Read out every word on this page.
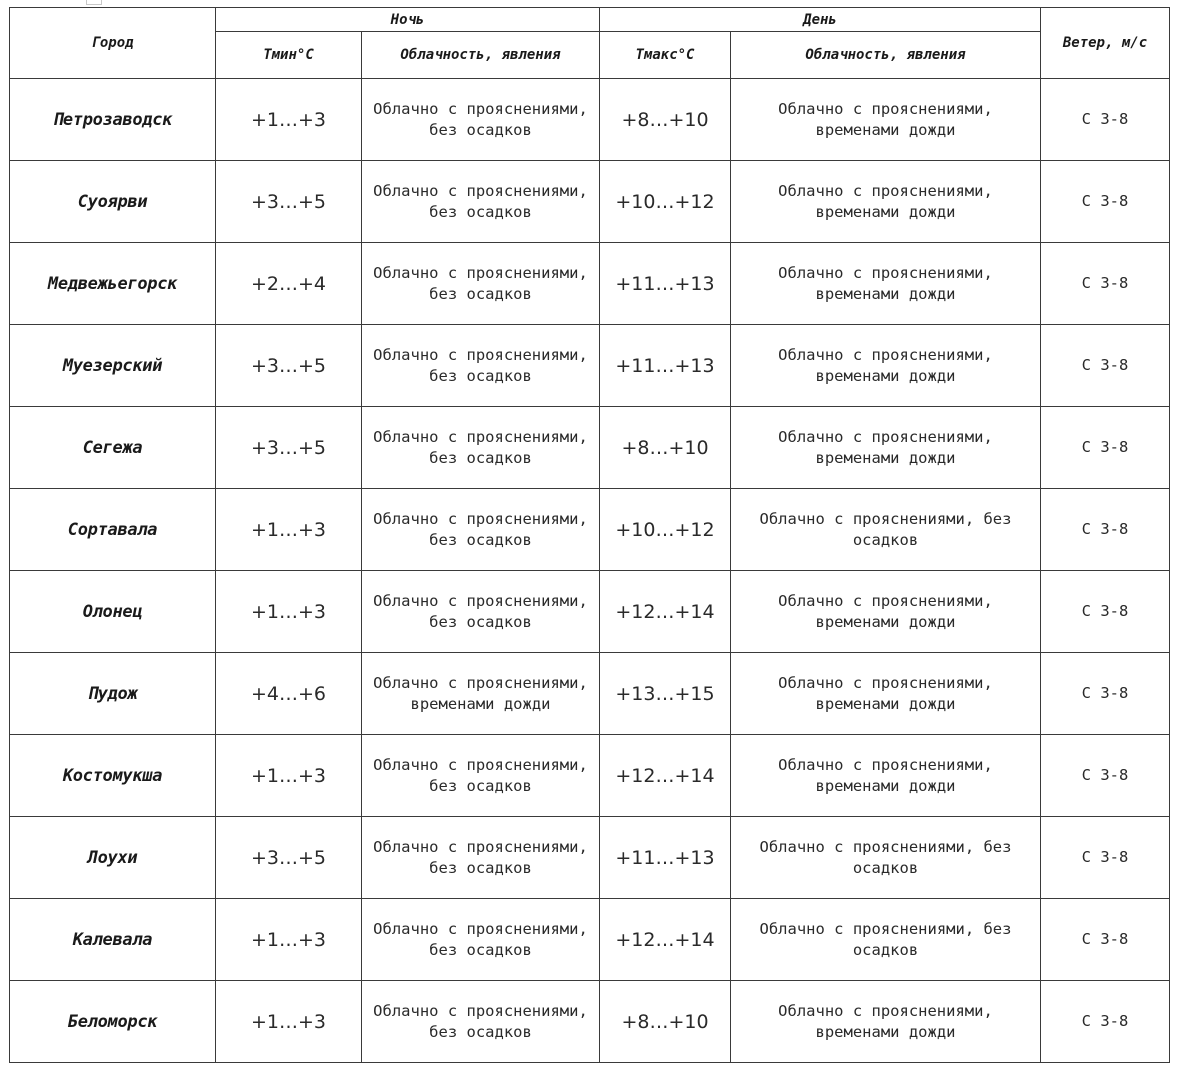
Город	Ночь		День		Ветер, м/с
	Tмин°C	Облачность, явления	Tмакс°C	Облачность, явления	
Петрозаводск	+1…+3	Облачно с прояснениями, без осадков	+8…+10	Облачно с прояснениями, временами дожди	С 3-8
Суоярви	+3…+5	Облачно с прояснениями, без осадков	+10…+12	Облачно с прояснениями, временами дожди	С 3-8
Медвежьегорск	+2…+4	Облачно с прояснениями, без осадков	+11…+13	Облачно с прояснениями, временами дожди	С 3-8
Муезерский	+3…+5	Облачно с прояснениями, без осадков	+11…+13	Облачно с прояснениями, временами дожди	С 3-8
Сегежа	+3…+5	Облачно с прояснениями, без осадков	+8…+10	Облачно с прояснениями, временами дожди	С 3-8
Сортавала	+1…+3	Облачно с прояснениями, без осадков	+10…+12	Облачно с прояснениями, без осадков	С 3-8
Олонец	+1…+3	Облачно с прояснениями, без осадков	+12…+14	Облачно с прояснениями, временами дожди	С 3-8
Пудож	+4…+6	Облачно с прояснениями, временами дожди	+13…+15	Облачно с прояснениями, временами дожди	С 3-8
Костомукша	+1…+3	Облачно с прояснениями, без осадков	+12…+14	Облачно с прояснениями, временами дожди	С 3-8
Лоухи	+3…+5	Облачно с прояснениями, без осадков	+11…+13	Облачно с прояснениями, без осадков	С 3-8
Калевала	+1…+3	Облачно с прояснениями, без осадков	+12…+14	Облачно с прояснениями, без осадков	С 3-8
Беломорск	+1…+3	Облачно с прояснениями, без осадков	+8…+10	Облачно с прояснениями, временами дожди	С 3-8
